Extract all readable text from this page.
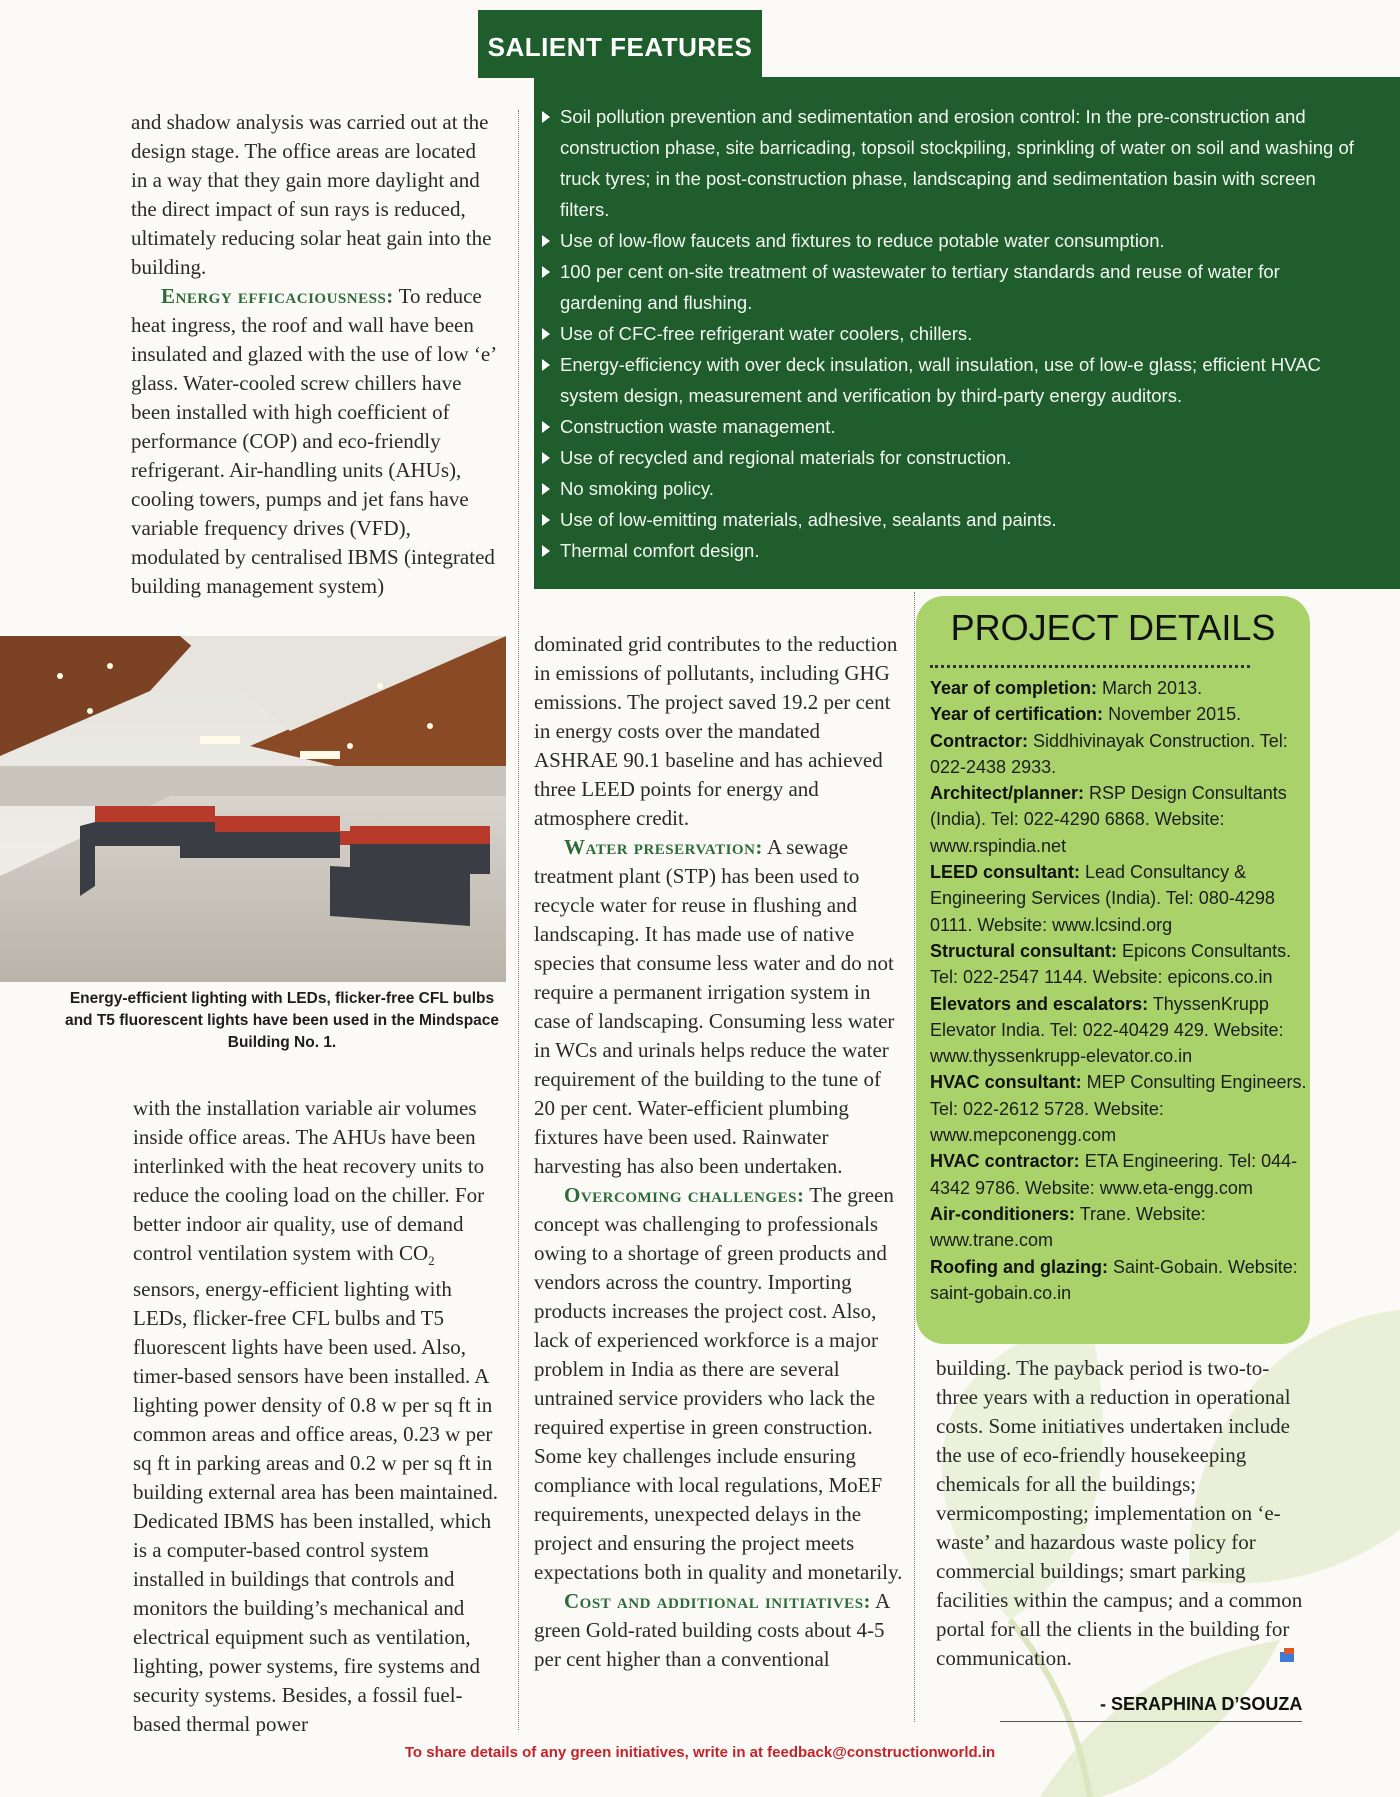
SALIENT FEATURES
Soil pollution prevention and sedimentation and erosion control: In the pre-construction and construction phase, site barricading, topsoil stockpiling, sprinkling of water on soil and washing of truck tyres; in the post-construction phase, landscaping and sedimentation basin with screen filters.
Use of low-flow faucets and fixtures to reduce potable water consumption.
100 per cent on-site treatment of wastewater to tertiary standards and reuse of water for gardening and flushing.
Use of CFC-free refrigerant water coolers, chillers.
Energy-efficiency with over deck insulation, wall insulation, use of low-e glass; efficient HVAC system design, measurement and verification by third-party energy auditors.
Construction waste management.
Use of recycled and regional materials for construction.
No smoking policy.
Use of low-emitting materials, adhesive, sealants and paints.
Thermal comfort design.

and shadow analysis was carried out at the design stage. The office areas are located in a way that they gain more daylight and the direct impact of sun rays is reduced, ultimately reducing solar heat gain into the building.

Energy efficaciousness: To reduce heat ingress, the roof and wall have been insulated and glazed with the use of low ‘e’ glass. Water-cooled screw chillers have been installed with high coefficient of performance (COP) and eco-friendly refrigerant. Air-handling units (AHUs), cooling towers, pumps and jet fans have variable frequency drives (VFD), modulated by centralised IBMS (integrated building management system)

Energy-efficient lighting with LEDs, flicker-free CFL bulbs and T5 fluorescent lights have been used in the Mindspace Building No. 1.

with the installation variable air volumes inside office areas. The AHUs have been interlinked with the heat recovery units to reduce the cooling load on the chiller. For better indoor air quality, use of demand control ventilation system with $CO_2$ sensors, energy-efficient lighting with LEDs, flicker-free CFL bulbs and T5 fluorescent lights have been used. Also, timer-based sensors have been installed. A lighting power density of 0.8 w per sq ft in common areas and office areas, 0.23 w per sq ft in parking areas and 0.2 w per sq ft in building external area has been maintained. Dedicated IBMS has been installed, which is a computer-based control system installed in buildings that controls and monitors the building’s mechanical and electrical equipment such as ventilation, lighting, power systems, fire systems and security systems. Besides, a fossil fuel-based thermal power

dominated grid contributes to the reduction in emissions of pollutants, including GHG emissions. The project saved 19.2 per cent in energy costs over the mandated ASHRAE 90.1 baseline and has achieved three LEED points for energy and atmosphere credit.

Water preservation: A sewage treatment plant (STP) has been used to recycle water for reuse in flushing and landscaping. It has made use of native species that consume less water and do not require a permanent irrigation system in case of landscaping. Consuming less water in WCs and urinals helps reduce the water requirement of the building to the tune of 20 per cent. Water-efficient plumbing fixtures have been used. Rainwater harvesting has also been undertaken.

Overcoming challenges: The green concept was challenging to professionals owing to a shortage of green products and vendors across the country. Importing products increases the project cost. Also, lack of experienced workforce is a major problem in India as there are several untrained service providers who lack the required expertise in green construction. Some key challenges include ensuring compliance with local regulations, MoEF requirements, unexpected delays in the project and ensuring the project meets expectations both in quality and monetarily.

Cost and additional initiatives: A green Gold-rated building costs about 4-5 per cent higher than a conventional

PROJECT DETAILS

Year of completion: March 2013.

Year of certification: November 2015.

Contractor: Siddhivinayak Construction. Tel: 022-2438 2933.

Architect/planner: RSP Design Consultants (India). Tel: 022-4290 6868. Website: www.rspindia.net

LEED consultant: Lead Consultancy & Engineering Services (India). Tel: 080-4298 0111. Website: www.lcsind.org

Structural consultant: Epicons Consultants. Tel: 022-2547 1144. Website: epicons.co.in

Elevators and escalators: ThyssenKrupp Elevator India. Tel: 022-40429 429. Website: www.thyssenkrupp-elevator.co.in

HVAC consultant: MEP Consulting Engineers. Tel: 022-2612 5728. Website: www.mepconengg.com

HVAC contractor: ETA Engineering. Tel: 044-4342 9786. Website: www.eta-engg.com

Air-conditioners: Trane. Website: www.trane.com

Roofing and glazing: Saint-Gobain. Website: saint-gobain.co.in

building. The payback period is two-to-three years with a reduction in operational costs. Some initiatives undertaken include the use of eco-friendly housekeeping chemicals for all the buildings; vermicomposting; implementation on ‘e-waste’ and hazardous waste policy for commercial buildings; smart parking facilities within the campus; and a common portal for all the clients in the building for communication.

- SERAPHINA D’SOUZA
To share details of any green initiatives, write in at feedback@constructionworld.in
